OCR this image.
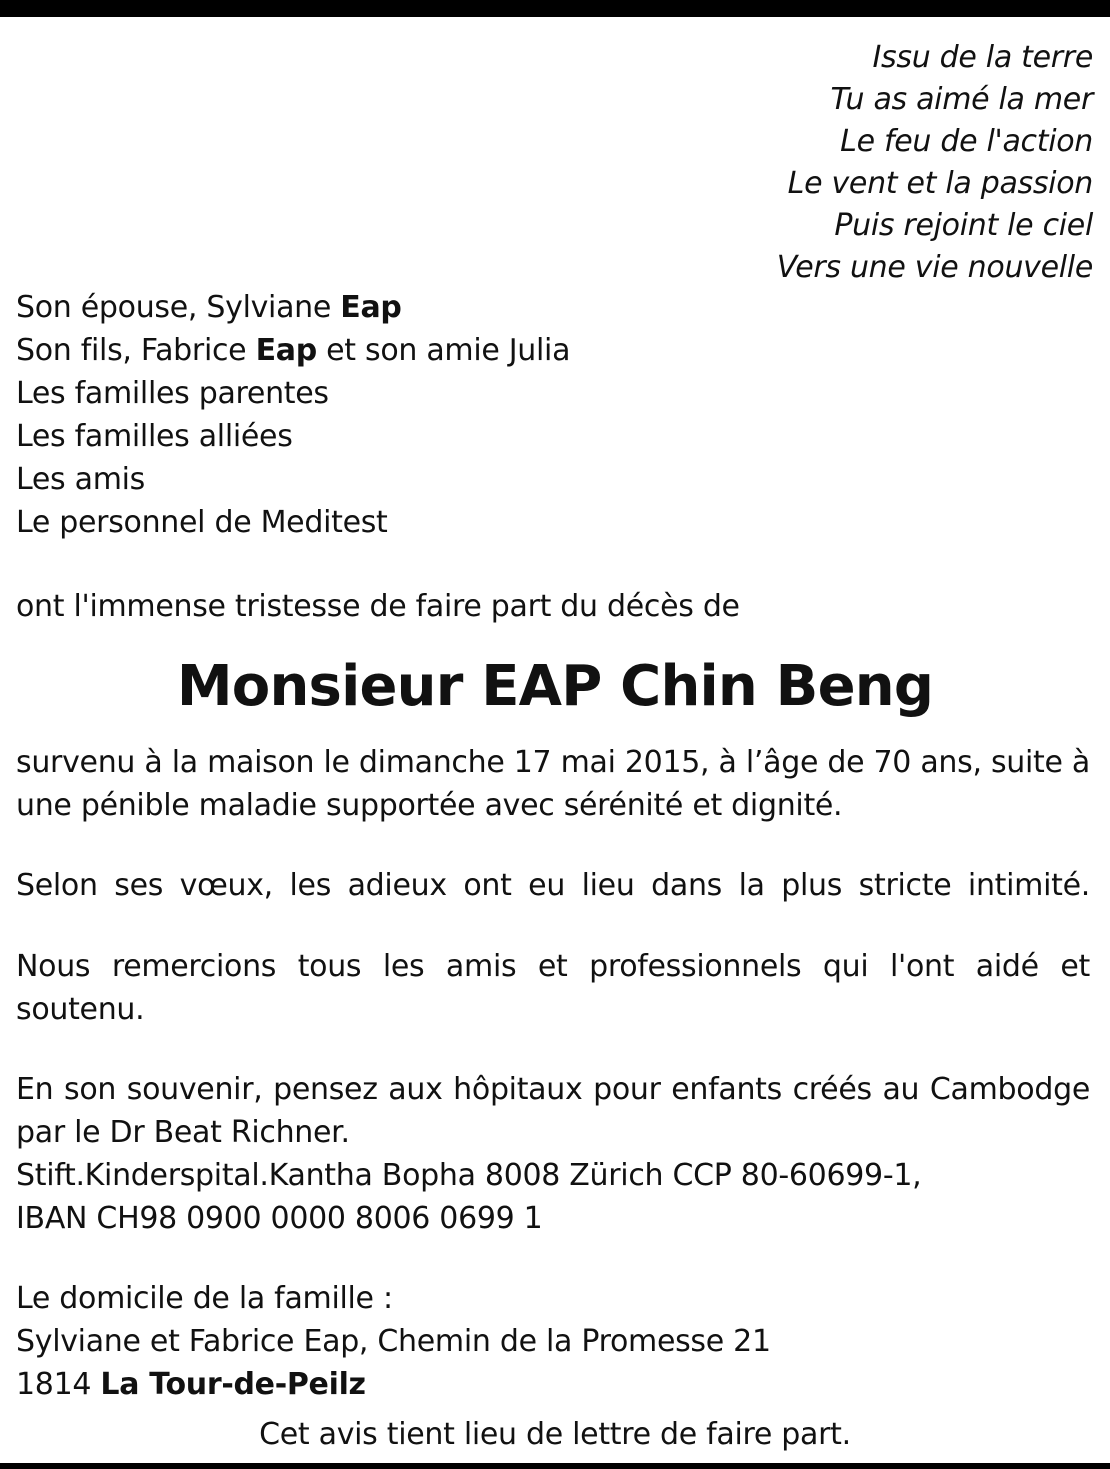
Issu de la terre
Tu as aimé la mer
Le feu de l'action
Le vent et la passion
Puis rejoint le ciel
Vers une vie nouvelle
Son épouse, Sylviane Eap
Son fils, Fabrice Eap et son amie Julia
Les familles parentes
Les familles alliées
Les amis
Le personnel de Meditest
ont l'immense tristesse de faire part du décès de
Monsieur EAP Chin Beng
survenu à la maison le dimanche 17 mai 2015, à l’âge de 70 ans, suite à une pénible maladie supportée avec sérénité et dignité.
Selon ses vœux, les adieux ont eu lieu dans la plus stricte intimité.
Nous remercions tous les amis et professionnels qui l'ont aidé et soutenu.
En son souvenir, pensez aux hôpitaux pour enfants créés au Cambodge par le Dr Beat Richner.
Stift.Kinderspital.Kantha Bopha 8008 Zürich CCP 80-60699-1,
IBAN CH98 0900 0000 8006 0699 1
Le domicile de la famille :
Sylviane et Fabrice Eap, Chemin de la Promesse 21
1814 La Tour-de-Peilz
Cet avis tient lieu de lettre de faire part.
